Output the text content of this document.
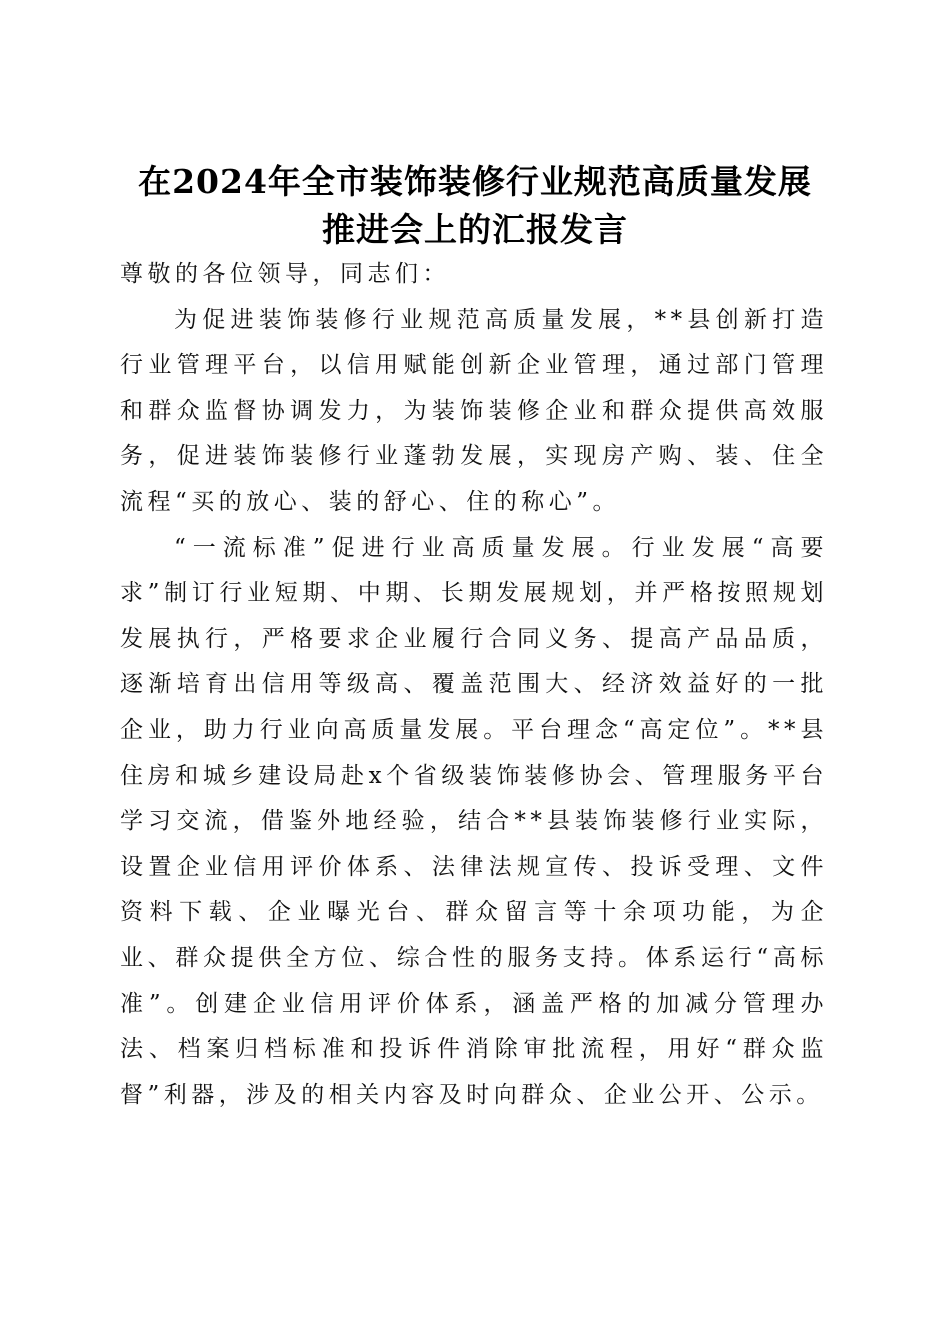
在2024年全市装饰装修行业规范高质量发展
推进会上的汇报发言

尊敬的各位领导，同志们：

为促进装饰装修行业规范高质量发展，**县创新打造行业管理平台，以信用赋能创新企业管理，通过部门管理和群众监督协调发力，为装饰装修企业和群众提供高效服务，促进装饰装修行业蓬勃发展，实现房产购、装、住全流程“买的放心、装的舒心、住的称心”。

“一流标准”促进行业高质量发展。行业发展“高要求”制订行业短期、中期、长期发展规划，并严格按照规划发展执行，严格要求企业履行合同义务、提高产品品质，逐渐培育出信用等级高、覆盖范围大、经济效益好的一批企业，助力行业向高质量发展。平台理念“高定位”。**县住房和城乡建设局赴x个省级装饰装修协会、管理服务平台学习交流，借鉴外地经验，结合**县装饰装修行业实际，设置企业信用评价体系、法律法规宣传、投诉受理、文件资料下载、企业曝光台、群众留言等十余项功能，为企业、群众提供全方位、综合性的服务支持。体系运行“高标准”。创建企业信用评价体系，涵盖严格的加减分管理办法、档案归档标准和投诉件消除审批流程，用好“群众监督”利器，涉及的相关内容及时向群众、企业公开、公示。
